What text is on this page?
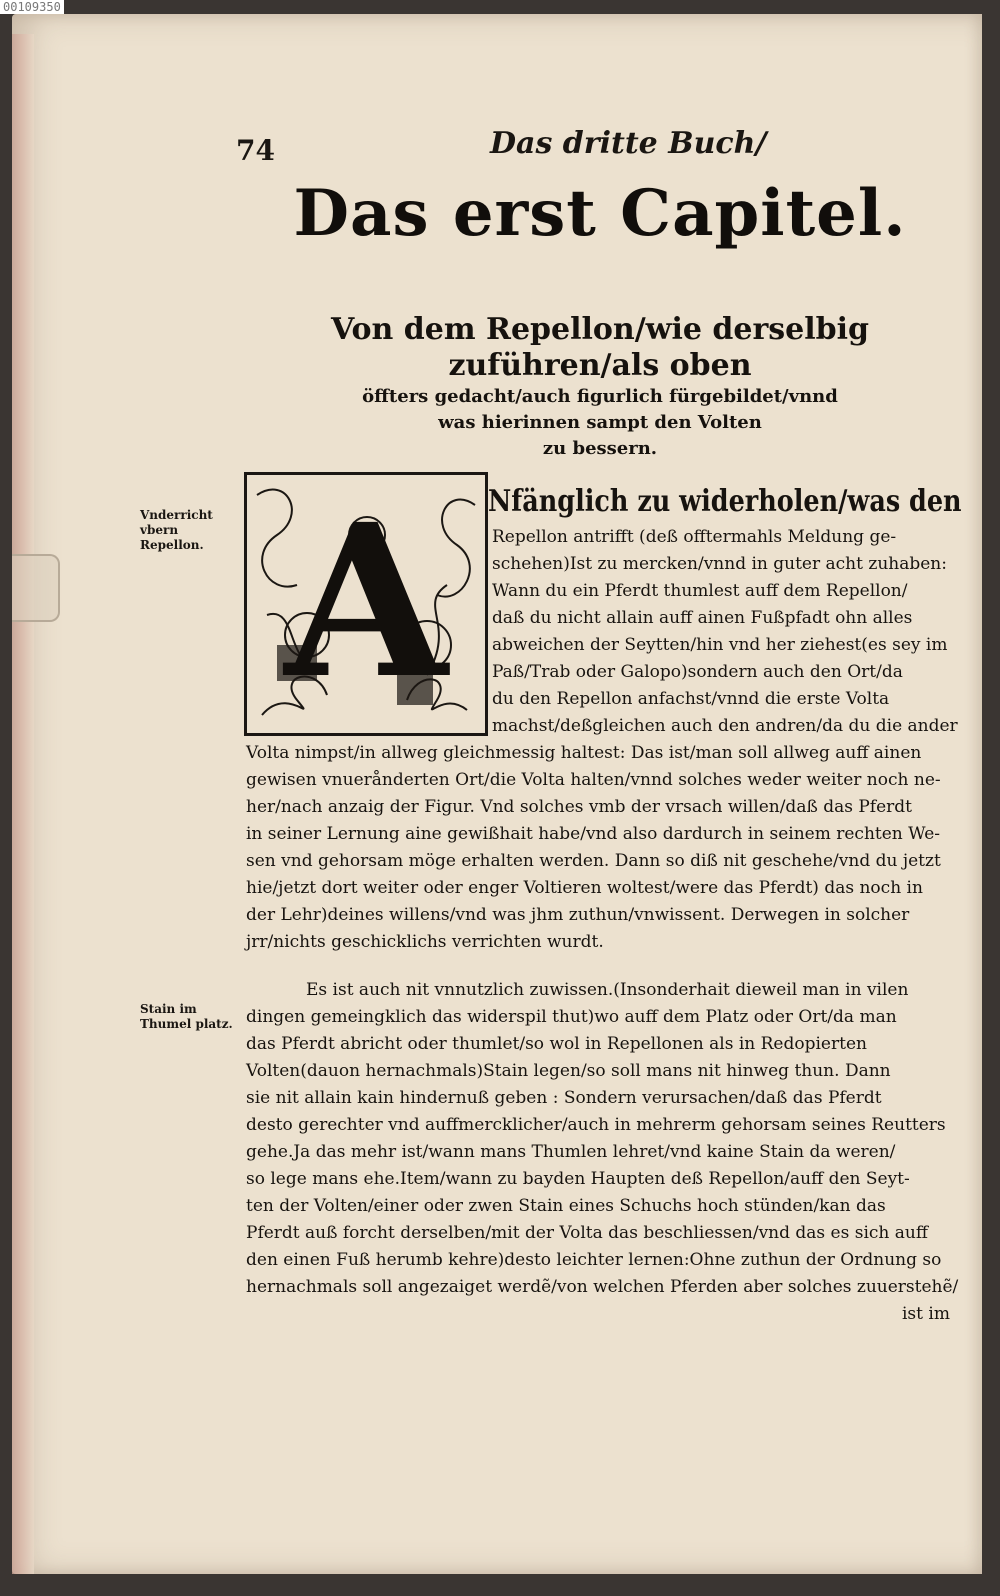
00109350
74	Das dritte Buch/
Das erst Capitel.
Von dem Repellon/wie derselbig zuführen/als oben
öffters gedacht/auch figurlich fürgebildet/vnnd
was hierinnen sampt den Volten
zu bessern.
Vnderricht vbern Repellon.
Stain im Thumel platz.
A Nfänglich zu widerholen/was den
Repellon antrifft (deß offtermahls Meldung ge-
schehen)Ist zu mercken/vnnd in guter acht zuhaben:
Wann du ein Pferdt thumlest auff dem Repellon/
daß du nicht allain auff ainen Fußpfadt ohn alles
abweichen der Seytten/hin vnd her ziehest(es sey im
Paß/Trab oder Galopo)sondern auch den Ort/da
du den Repellon anfachst/vnnd die erste Volta
machst/deßgleichen auch den andren/da du die ander
Volta nimpst/in allweg gleichmessig haltest: Das ist/man soll allweg auff ainen
gewisen vnuerånderten Ort/die Volta halten/vnnd solches weder weiter noch ne-
her/nach anzaig der Figur. Vnd solches vmb der vrsach willen/daß das Pferdt
in seiner Lernung aine gewißhait habe/vnd also dardurch in seinem rechten We-
sen vnd gehorsam möge erhalten werden. Dann so diß nit geschehe/vnd du jetzt
hie/jetzt dort weiter oder enger Voltieren woltest/were das Pferdt) das noch in
der Lehr)deines willens/vnd was jhm zuthun/vnwissent. Derwegen in solcher
jrr/nichts geschicklichs verrichten wurdt.
Es ist auch nit vnnutzlich zuwissen.(Insonderhait dieweil man in vilen
dingen gemeingklich das widerspil thut)wo auff dem Platz oder Ort/da man
das Pferdt abricht oder thumlet/so wol in Repellonen als in Redopierten
Volten(dauon hernachmals)Stain legen/so soll mans nit hinweg thun. Dann
sie nit allain kain hindernuß geben : Sondern verursachen/daß das Pferdt
desto gerechter vnd auffmercklicher/auch in mehrerm gehorsam seines Reutters
gehe.Ja das mehr ist/wann mans Thumlen lehret/vnd kaine Stain da weren/
so lege mans ehe.Item/wann zu bayden Haupten deß Repellon/auff den Seyt-
ten der Volten/einer oder zwen Stain eines Schuchs hoch stünden/kan das
Pferdt auß forcht derselben/mit der Volta das beschliessen/vnd das es sich auff
den einen Fuß herumb kehre)desto leichter lernen:Ohne zuthun der Ordnung so
hernachmals soll angezaiget werdẽ/von welchen Pferden aber solches zuuerstehẽ/
ist im
